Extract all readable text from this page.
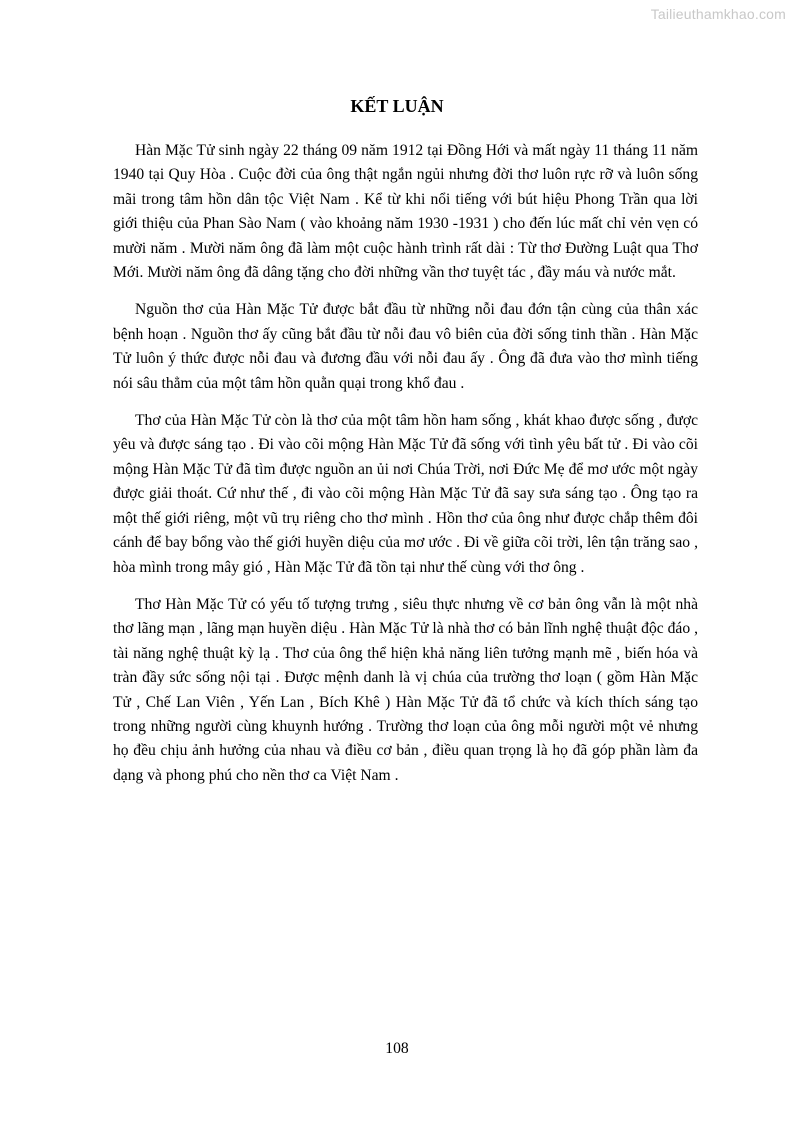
Tailieuthamkhao.com
KẾT LUẬN

Hàn Mặc Tử sinh ngày 22 tháng 09 năm 1912 tại Đồng Hới và mất ngày 11 tháng 11 năm 1940 tại Quy Hòa . Cuộc đời của ông thật ngắn ngủi nhưng đời thơ luôn rực rỡ và luôn sống mãi trong tâm hồn dân tộc Việt Nam . Kể từ khi nổi tiếng với bút hiệu Phong Trần qua lời giới thiệu của Phan Sào Nam ( vào khoảng năm 1930 -1931 ) cho đến lúc mất chỉ vẻn vẹn có mười năm . Mười năm ông đã làm một cuộc hành trình rất dài : Từ thơ Đường Luật qua Thơ Mới. Mười năm ông đã dâng tặng cho đời những vần thơ tuyệt tác , đầy máu và nước mắt.

Nguồn thơ của Hàn Mặc Tử được bắt đầu từ những nỗi đau đớn tận cùng của thân xác bệnh hoạn . Nguồn thơ ấy cũng bắt đầu từ nỗi đau vô biên của đời sống tinh thần . Hàn Mặc Tử luôn ý thức được nỗi đau và đương đầu với nỗi đau ấy . Ông đã đưa vào thơ mình tiếng nói sâu thẳm của một tâm hồn quằn quại trong khổ đau .

Thơ của Hàn Mặc Tử còn là thơ của một tâm hồn ham sống , khát khao được sống , được yêu và được sáng tạo . Đi vào cõi mộng Hàn Mặc Tử đã sống với tình yêu bất tử . Đi vào cõi mộng Hàn Mặc Tử đã tìm được nguồn an ủi nơi Chúa Trời, nơi Đức Mẹ để mơ ước một ngày được giải thoát. Cứ như thế , đi vào cõi mộng Hàn Mặc Tử đã say sưa sáng tạo . Ông tạo ra một thế giới riêng, một vũ trụ riêng cho thơ mình . Hồn thơ của ông như được chắp thêm đôi cánh để bay bổng vào thế giới huyền diệu của mơ ước . Đi về giữa cõi trời, lên tận trăng sao , hòa mình trong mây gió , Hàn Mặc Tử đã tồn tại như thế cùng với thơ ông .

Thơ Hàn Mặc Tử có yếu tố tượng trưng , siêu thực nhưng về cơ bản ông vẫn là một nhà thơ lãng mạn , lãng mạn huyền diệu . Hàn Mặc Tử là nhà thơ có bản lĩnh nghệ thuật độc đáo , tài năng nghệ thuật kỳ lạ . Thơ của ông thể hiện khả năng liên tưởng mạnh mẽ , biến hóa và tràn đầy sức sống nội tại . Được mệnh danh là vị chúa của trường thơ loạn ( gồm Hàn Mặc Tử , Chế Lan Viên , Yến Lan , Bích Khê ) Hàn Mặc Tử đã tổ chức và kích thích sáng tạo trong những người cùng khuynh hướng . Trường thơ loạn của ông mỗi người một vẻ nhưng họ đều chịu ảnh hưởng của nhau và điều cơ bản , điều quan trọng là họ đã góp phần làm đa dạng và phong phú cho nền thơ ca Việt Nam .

108
